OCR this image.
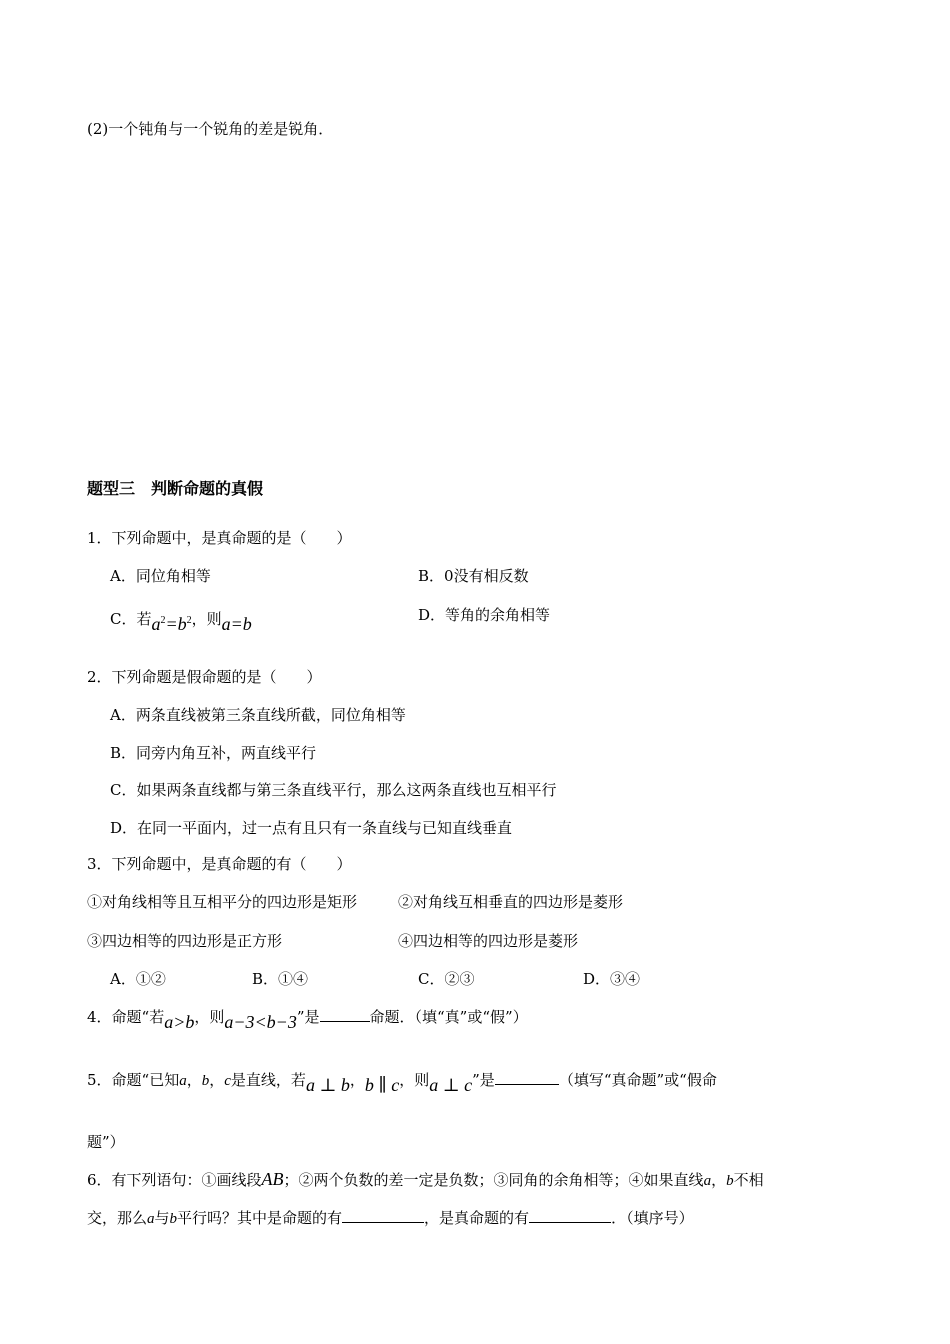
(2)一个钝角与一个锐角的差是锐角．
题型三　判断命题的真假
1．下列命题中，是真命题的是（　　）
A．同位角相等	B．0没有相反数
C．若$a^2=b^2$，则a=b	D．等角的余角相等
2．下列命题是假命题的是（　　）
A．两条直线被第三条直线所截，同位角相等
B．同旁内角互补，两直线平行
C．如果两条直线都与第三条直线平行，那么这两条直线也互相平行
D．在同一平面内，过一点有且只有一条直线与已知直线垂直
3．下列命题中，是真命题的有（　　）
①对角线相等且互相平分的四边形是矩形	②对角线互相垂直的四边形是菱形
③四边相等的四边形是正方形	④四边相等的四边形是菱形
A．①②	B．①④	C．②③	D．③④
4．命题“若a>b，则a−3<b−3”是	命题．（填“真”或“假”）
5．命题“已知a，b，c是直线，若a ⊥ b，b ∥ c，则a ⊥ c”是	（填写“真命题”或“假命
题”）
6．有下列语句：①画线段AB；②两个负数的差一定是负数；③同角的余角相等；④如果直线a，b不相
交，那么a与b平行吗？其中是命题的有	，是真命题的有	．（填序号）
